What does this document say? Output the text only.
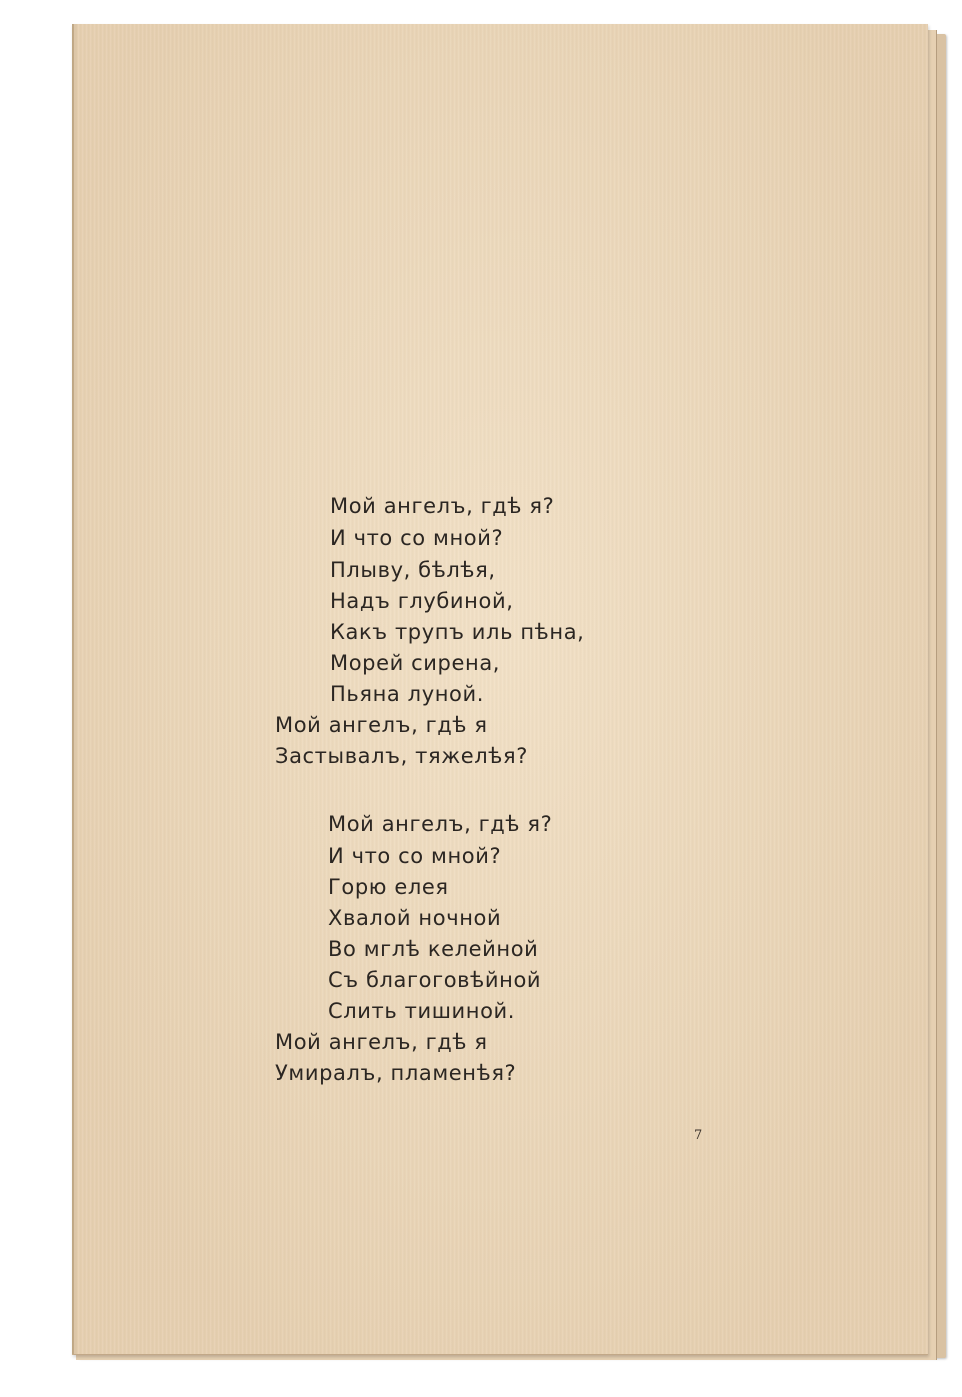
Мой ангелъ, гдѣ я?
И что со мной?
Плыву, бѣлѣя,
Надъ глубиной,
Какъ трупъ иль пѣна,
Морей сирена,
Пьяна луной.
Мой ангелъ, гдѣ я
Застывалъ, тяжелѣя?
Мой ангелъ, гдѣ я?
И что со мной?
Горю елея
Хвалой ночной
Во мглѣ келейной
Съ благоговѣйной
Слить тишиной.
Мой ангелъ, гдѣ я
Умиралъ, пламенѣя?
7
